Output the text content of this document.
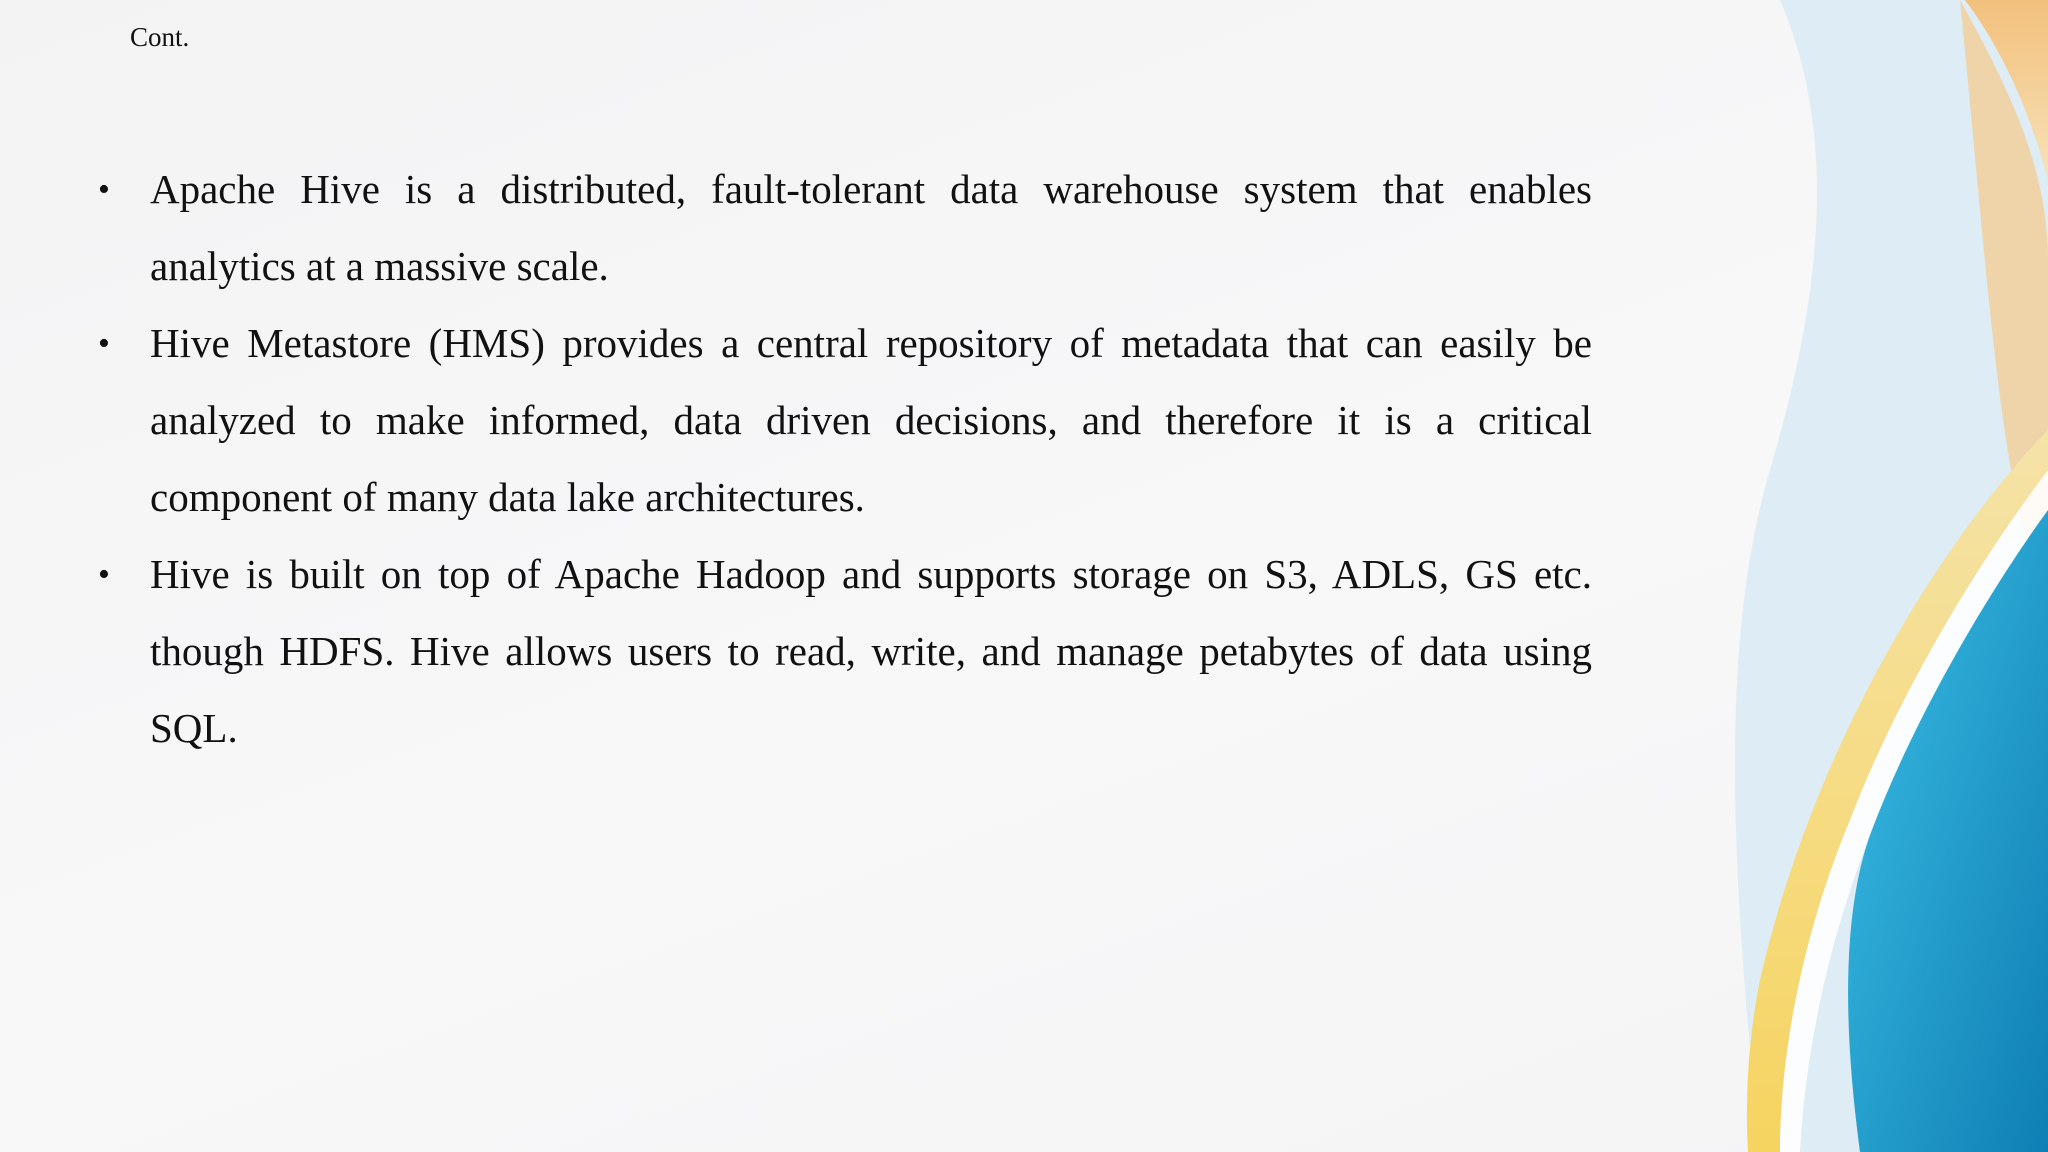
Cont.
• Apache Hive is a distributed, fault-tolerant data warehouse system that enables analytics at a massive scale.
• Hive Metastore (HMS) provides a central repository of metadata that can easily be analyzed to make informed, data driven decisions, and therefore it is a critical component of many data lake architectures.
• Hive is built on top of Apache Hadoop and supports storage on S3, ADLS, GS etc. though HDFS. Hive allows users to read, write, and manage petabytes of data using SQL.
